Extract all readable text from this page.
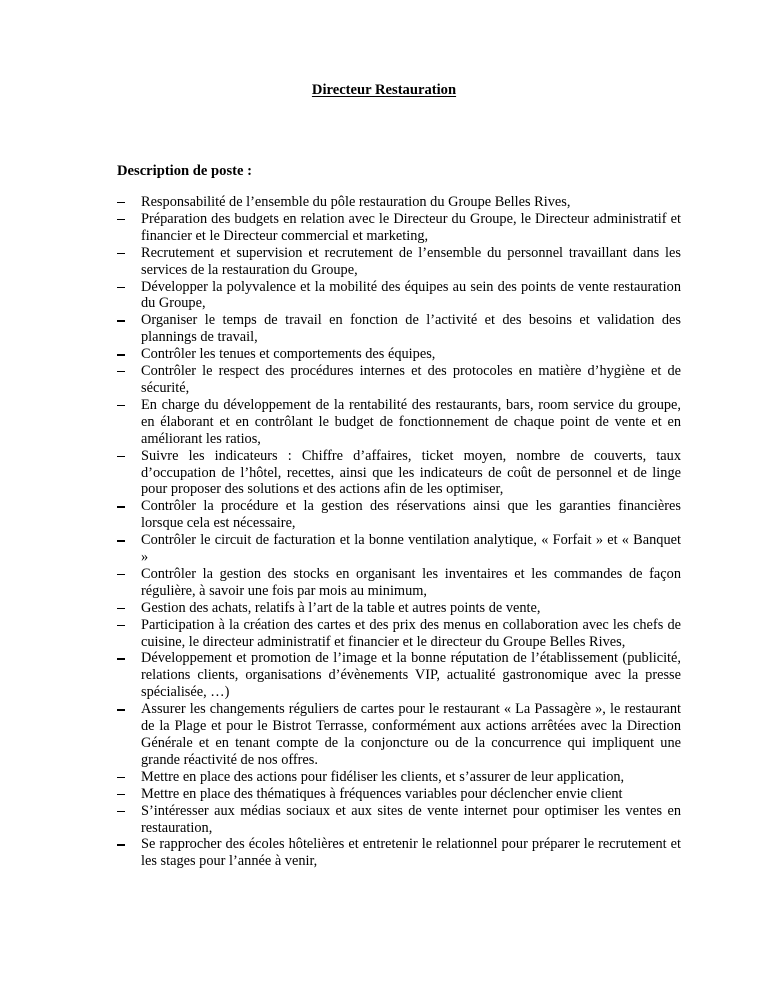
Directeur Restauration
Description de poste :
Responsabilité de l’ensemble du pôle restauration du Groupe Belles Rives,
Préparation des budgets en relation avec le Directeur du Groupe, le Directeur administratif et financier et le Directeur commercial et marketing,
Recrutement et supervision et recrutement de l’ensemble du personnel travaillant dans les services de la restauration du Groupe,
Développer la polyvalence et la mobilité des équipes au sein des points de vente restauration du Groupe,
Organiser le temps de travail en fonction de l’activité et des besoins et validation des plannings de travail,
Contrôler les tenues et comportements des équipes,
Contrôler le respect des procédures internes et des protocoles en matière d’hygiène et de sécurité,
En charge du développement de la rentabilité des restaurants, bars, room service du groupe, en élaborant et en contrôlant le budget de fonctionnement de chaque point de vente et en améliorant les ratios,
Suivre les indicateurs : Chiffre d’affaires, ticket moyen, nombre de couverts, taux d’occupation de l’hôtel, recettes, ainsi que les indicateurs de coût de personnel et de linge pour proposer des solutions et des actions afin de les optimiser,
Contrôler la procédure et la gestion des réservations ainsi que les garanties financières lorsque cela est nécessaire,
Contrôler le circuit de facturation et la bonne ventilation analytique, « Forfait » et « Banquet »
Contrôler la gestion des stocks en organisant les inventaires et les commandes de façon régulière, à savoir une fois par mois au minimum,
Gestion des achats, relatifs à l’art de la table et autres points de vente,
Participation à la création des cartes et des prix des menus en collaboration avec les chefs de cuisine, le directeur administratif et financier et le directeur du Groupe Belles Rives,
Développement et promotion de l’image et la bonne réputation de l’établissement (publicité, relations clients, organisations d’évènements VIP, actualité gastronomique avec la presse spécialisée, …)
Assurer les changements réguliers de cartes pour le restaurant « La Passagère », le restaurant de la Plage et pour le Bistrot Terrasse, conformément aux actions arrêtées avec la Direction Générale et en tenant compte de la conjoncture ou de la concurrence qui impliquent une grande réactivité de nos offres.
Mettre en place des actions pour fidéliser les clients, et s’assurer de leur application,
Mettre en place des thématiques à fréquences variables pour déclencher envie client
S’intéresser aux médias sociaux et aux sites de vente internet pour optimiser les ventes en restauration,
Se rapprocher des écoles hôtelières et entretenir le relationnel pour préparer le recrutement et les stages pour l’année à venir,
